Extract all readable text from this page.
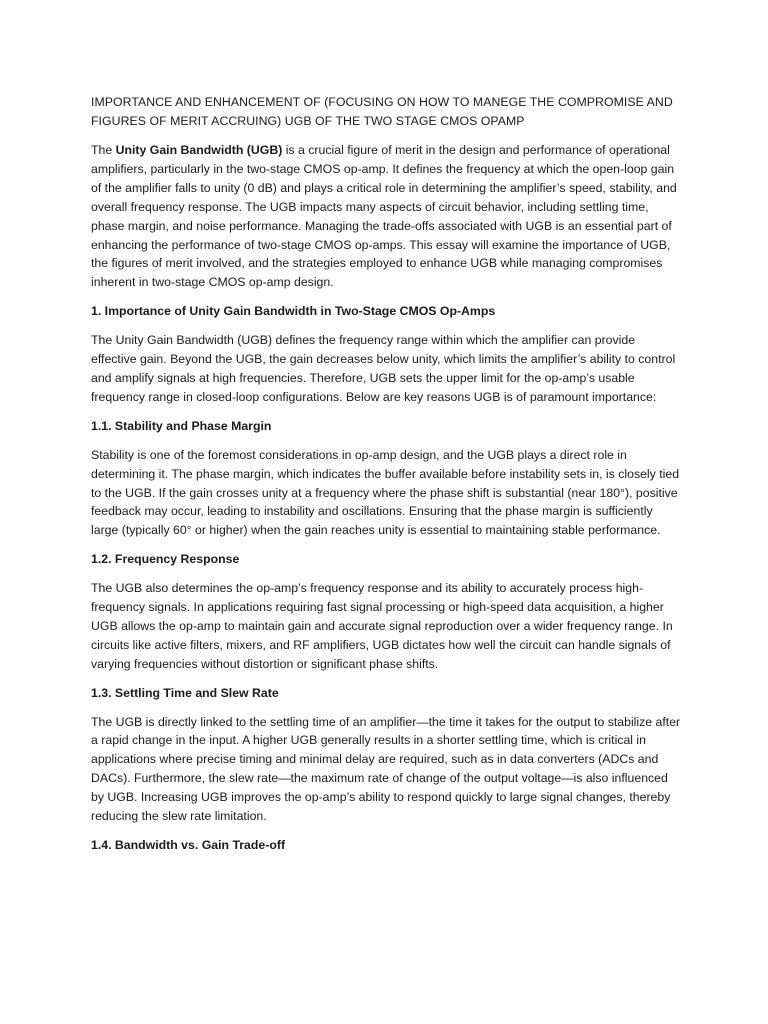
IMPORTANCE AND ENHANCEMENT OF (FOCUSING ON HOW TO MANEGE THE COMPROMISE AND FIGURES OF MERIT ACCRUING) UGB OF THE TWO STAGE CMOS OPAMP

The Unity Gain Bandwidth (UGB) is a crucial figure of merit in the design and performance of operational amplifiers, particularly in the two-stage CMOS op-amp. It defines the frequency at which the open-loop gain of the amplifier falls to unity (0 dB) and plays a critical role in determining the amplifier’s speed, stability, and overall frequency response. The UGB impacts many aspects of circuit behavior, including settling time, phase margin, and noise performance. Managing the trade-offs associated with UGB is an essential part of enhancing the performance of two-stage CMOS op-amps. This essay will examine the importance of UGB, the figures of merit involved, and the strategies employed to enhance UGB while managing compromises inherent in two-stage CMOS op-amp design.

1. Importance of Unity Gain Bandwidth in Two-Stage CMOS Op-Amps

The Unity Gain Bandwidth (UGB) defines the frequency range within which the amplifier can provide effective gain. Beyond the UGB, the gain decreases below unity, which limits the amplifier’s ability to control and amplify signals at high frequencies. Therefore, UGB sets the upper limit for the op-amp’s usable frequency range in closed-loop configurations. Below are key reasons UGB is of paramount importance:

1.1. Stability and Phase Margin

Stability is one of the foremost considerations in op-amp design, and the UGB plays a direct role in determining it. The phase margin, which indicates the buffer available before instability sets in, is closely tied to the UGB. If the gain crosses unity at a frequency where the phase shift is substantial (near 180°), positive feedback may occur, leading to instability and oscillations. Ensuring that the phase margin is sufficiently large (typically 60° or higher) when the gain reaches unity is essential to maintaining stable performance.

1.2. Frequency Response

The UGB also determines the op-amp’s frequency response and its ability to accurately process high-frequency signals. In applications requiring fast signal processing or high-speed data acquisition, a higher UGB allows the op-amp to maintain gain and accurate signal reproduction over a wider frequency range. In circuits like active filters, mixers, and RF amplifiers, UGB dictates how well the circuit can handle signals of varying frequencies without distortion or significant phase shifts.

1.3. Settling Time and Slew Rate

The UGB is directly linked to the settling time of an amplifier—the time it takes for the output to stabilize after a rapid change in the input. A higher UGB generally results in a shorter settling time, which is critical in applications where precise timing and minimal delay are required, such as in data converters (ADCs and DACs). Furthermore, the slew rate—the maximum rate of change of the output voltage—is also influenced by UGB. Increasing UGB improves the op-amp’s ability to respond quickly to large signal changes, thereby reducing the slew rate limitation.

1.4. Bandwidth vs. Gain Trade-off
